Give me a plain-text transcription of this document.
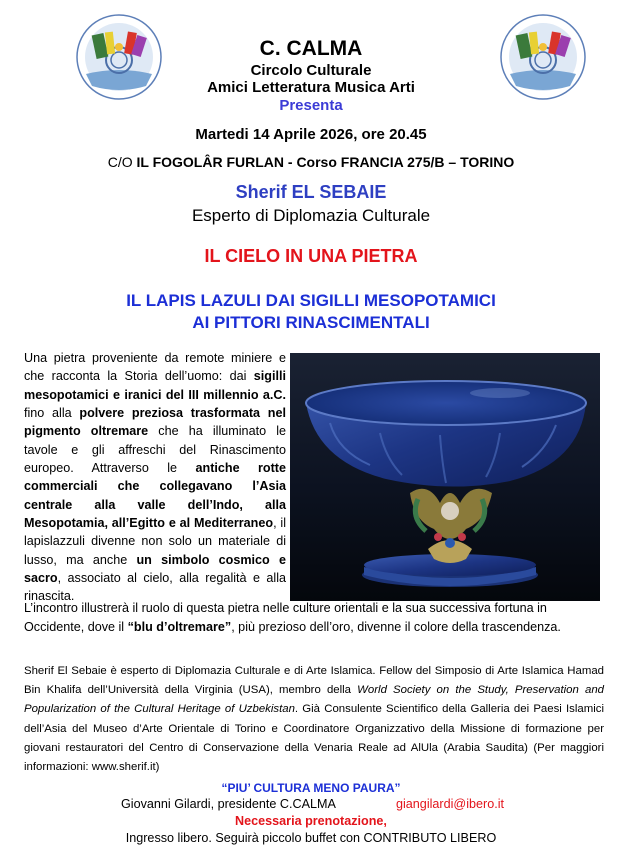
C. CALMA
Circolo Culturale
Amici Letteratura Musica Arti
Presenta
Martedi 14 Aprile 2026, ore 20.45
C/O IL FOGOLÂR FURLAN - Corso FRANCIA 275/B – TORINO
Sherif EL SEBAIE
Esperto di Diplomazia Culturale
IL CIELO IN UNA PIETRA
IL LAPIS LAZULI DAI SIGILLI MESOPOTAMICI
AI PITTORI RINASCIMENTALI
Una pietra proveniente da remote miniere e che racconta la Storia dell’uomo: dai sigilli mesopotamici e iranici del III millennio a.C. fino alla polvere preziosa trasformata nel pigmento oltremare che ha illuminato le tavole e gli affreschi del Rinascimento europeo. Attraverso le antiche rotte commerciali che collegavano l’Asia centrale alla valle dell’Indo, alla Mesopotamia, all’Egitto e al Mediterraneo, il lapislazzuli divenne non solo un materiale di lusso, ma anche un simbolo cosmico e sacro, associato al cielo, alla regalità e alla rinascita.
L’incontro illustrerà il ruolo di questa pietra nelle culture orientali e la sua successiva fortuna in
Occidente, dove il “blu d’oltremare”, più prezioso dell’oro, divenne il colore della trascendenza.
Sherif El Sebaie è esperto di Diplomazia Culturale e di Arte Islamica. Fellow del Simposio di Arte Islamica Hamad Bin Khalifa dell’Università della Virginia (USA), membro della World Society on the Study, Preservation and Popularization of the Cultural Heritage of Uzbekistan. Già Consulente Scientifico della Galleria dei Paesi Islamici dell’Asia del Museo d’Arte Orientale di Torino e Coordinatore Organizzativo della Missione di formazione per giovani restauratori del Centro di Conservazione della Venaria Reale ad AlUla (Arabia Saudita) (Per maggiori informazioni: www.sherif.it)
“PIU’ CULTURA MENO PAURA”
Giovanni Gilardi, presidente C.CALMA	giangilardi@ibero.it
Necessaria prenotazione,
Ingresso libero. Seguirà piccolo buffet con CONTRIBUTO LIBERO
